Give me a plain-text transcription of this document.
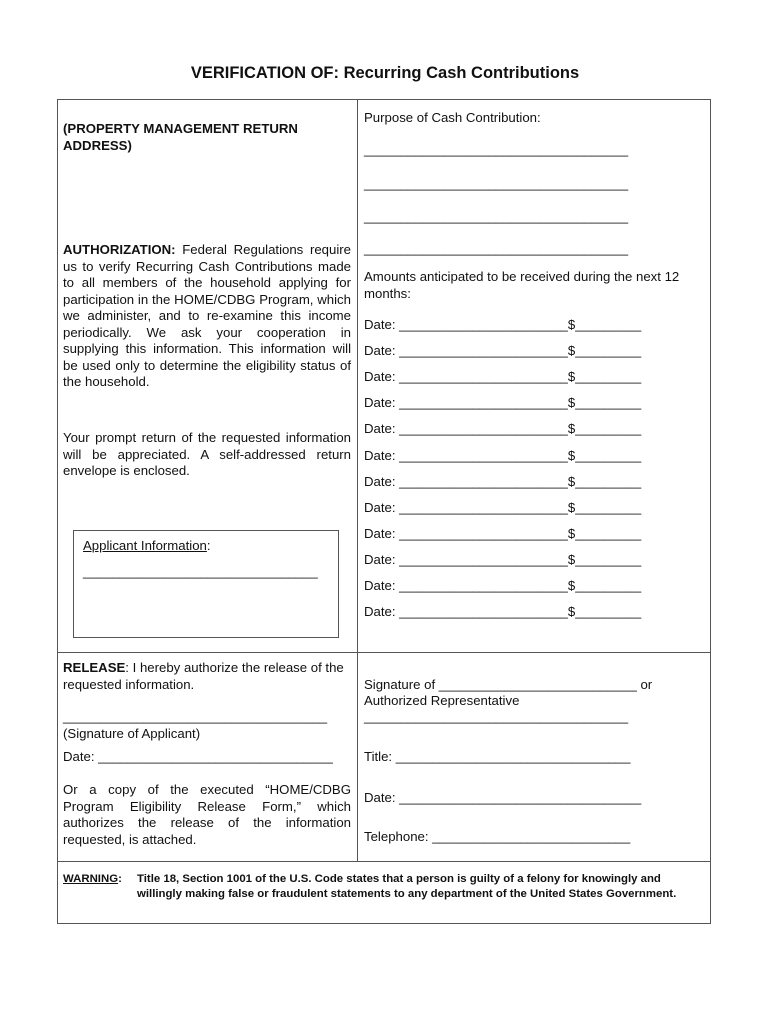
VERIFICATION OF: Recurring Cash Contributions
(PROPERTY MANAGEMENT RETURN ADDRESS)
AUTHORIZATION: Federal Regulations require us to verify Recurring Cash Contributions made to all members of the household applying for participation in the HOME/CDBG Program, which we administer, and to re-examine this income periodically. We ask your cooperation in supplying this information. This information will be used only to determine the eligibility status of the household.
Your prompt return of the requested information will be appreciated. A self-addressed return envelope is enclosed.
Applicant Information:
________________________________
Purpose of Cash Contribution:
____________________________________
____________________________________
____________________________________
____________________________________
Amounts anticipated to be received during the next 12 months:
Date: _______________________$_________
Date: _______________________$_________
Date: _______________________$_________
Date: _______________________$_________
Date: _______________________$_________
Date: _______________________$_________
Date: _______________________$_________
Date: _______________________$_________
Date: _______________________$_________
Date: _______________________$_________
Date: _______________________$_________
Date: _______________________$_________
RELEASE: I hereby authorize the release of the requested information.
____________________________________
(Signature of Applicant)
Date: ________________________________
Or a copy of the executed “HOME/CDBG Program Eligibility Release Form,” which authorizes the release of the information requested, is attached.
Signature of ___________________________ or
Authorized Representative
____________________________________
Title: ________________________________
Date: _________________________________
Telephone: ___________________________
WARNING: Title 18, Section 1001 of the U.S. Code states that a person is guilty of a felony for knowingly and willingly making false or fraudulent statements to any department of the United States Government.
